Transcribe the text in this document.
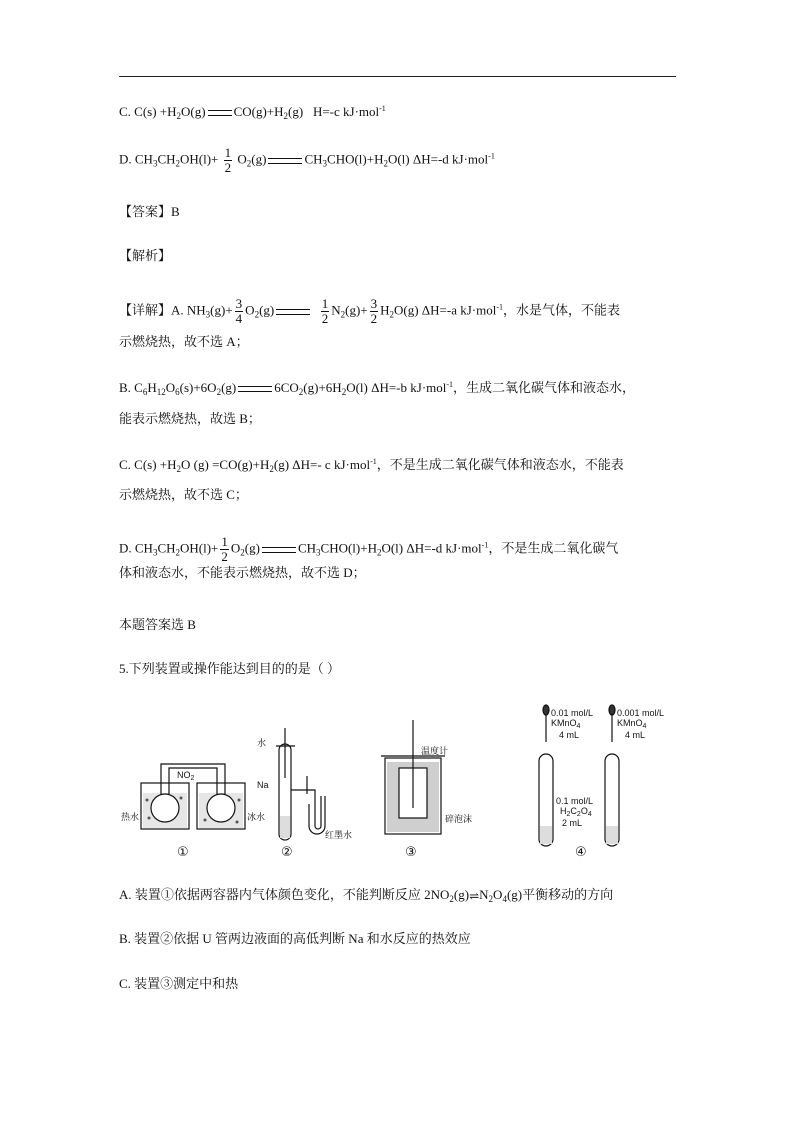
C. $C(s) +H_2O(g)$ $CO(g)+H_2(g)$ H=-c kJ·mol$^{-1}$
D. $CH_3CH_2OH(l)+ \frac{1}{2} O_2(g)$	$CH_3CHO(l)+H_2O(l)$ ΔH=-d kJ·mol$^{-1}$
【答案】B
【解析】
【详解】A. $NH_3(g)+ \frac{3}{4} O_2(g)$	$\frac{1}{2} N_2(g)+ \frac{3}{2} H_2O(g)$ ΔH=-a kJ·mol$^{-1}$，水是气体，不能表
示燃烧热，故不选 A；
B. $C_6H_{12}O_6(s)+6O_2(g)$	$6CO_2(g)+6H_2O(l)$ ΔH=-b kJ·mol$^{-1}$，生成二氧化碳气体和液态水，
能表示燃烧热，故选 B；
C. $C(s) +H_2O$ $(g) =CO(g)+H_2(g)$ ΔH=- c kJ·mol$^{-1}$，不是生成二氧化碳气体和液态水，不能表
示燃烧热，故不选 C；
D. $CH_3CH_2OH(l)+ \frac{1}{2} O_2(g)$	$CH_3CHO(l)+H_2O(l)$ ΔH=-d kJ·mol$^{-1}$，不是生成二氧化碳气
体和液态水，不能表示燃烧热，故不选 D；
本题答案选 B
5.下列装置或操作能达到目的的是（ ）
热水
$NO_2$
冰水
水
Na
红墨水
温度计
碎泡沫
0.01 mol/L
KMnO$_4$
4 mL
0.001 mol/L
KMnO$_4$
4 mL
0.1 mol/L
$H_2C_2O_4$
2 mL
①	②	③	④
A. 装置①依据两容器内气体颜色变化，不能判断反应 $2NO_2(g)\rightleftharpoons N_2O_4(g)$平衡移动的方向
B. 装置②依据 U 管两边液面的高低判断 Na 和水反应的热效应
C. 装置③测定中和热
